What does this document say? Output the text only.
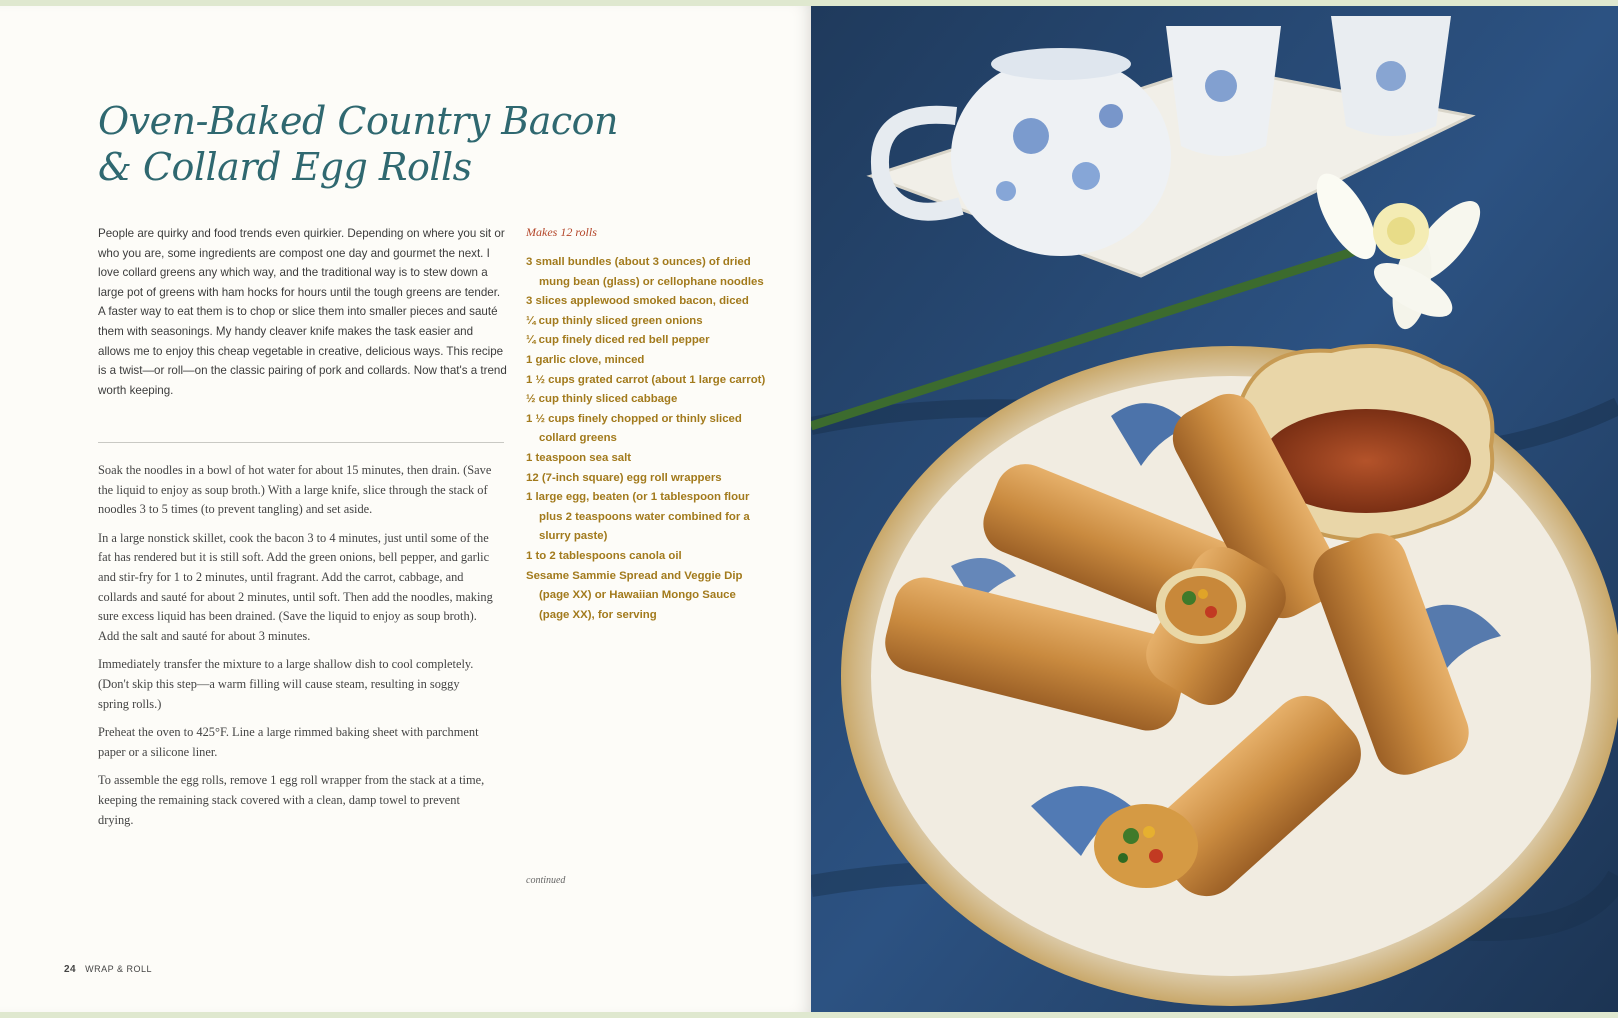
Oven-Baked Country Bacon
& Collard Egg Rolls

People are quirky and food trends even quirkier. Depending on where you sit or who you are, some ingredients are compost one day and gourmet the next. I love collard greens any which way, and the traditional way is to stew down a large pot of greens with ham hocks for hours until the tough greens are tender. A faster way to eat them is to chop or slice them into smaller pieces and sauté them with seasonings. My handy cleaver knife makes the task easier and allows me to enjoy this cheap vegetable in creative, delicious ways. This recipe is a twist—or roll—on the classic pairing of pork and collards. Now that's a trend worth keeping.

Soak the noodles in a bowl of hot water for about 15 minutes, then drain. (Save the liquid to enjoy as soup broth.) With a large knife, slice through the stack of noodles 3 to 5 times (to prevent tangling) and set aside.

In a large nonstick skillet, cook the bacon 3 to 4 minutes, just until some of the fat has rendered but it is still soft. Add the green onions, bell pepper, and garlic and stir-fry for 1 to 2 minutes, until fragrant. Add the carrot, cabbage, and collards and sauté for about 2 minutes, until soft. Then add the noodles, making sure excess liquid has been drained. (Save the liquid to enjoy as soup broth). Add the salt and sauté for about 3 minutes.

Immediately transfer the mixture to a large shallow dish to cool completely. (Don't skip this step—a warm filling will cause steam, resulting in soggy spring rolls.)

Preheat the oven to 425°F. Line a large rimmed baking sheet with parchment paper or a silicone liner.

To assemble the egg rolls, remove 1 egg roll wrapper from the stack at a time, keeping the remaining stack covered with a clean, damp towel to prevent drying.

Makes 12 rolls
3 small bundles (about 3 ounces) of dried mung bean (glass) or cellophane noodles
3 slices applewood smoked bacon, diced
¼ cup thinly sliced green onions
¼ cup finely diced red bell pepper
1 garlic clove, minced
1 ½ cups grated carrot (about 1 large carrot)
½ cup thinly sliced cabbage
1 ½ cups finely chopped or thinly sliced collard greens
1 teaspoon sea salt
12 (7-inch square) egg roll wrappers
1 large egg, beaten (or 1 tablespoon flour plus 2 teaspoons water combined for a slurry paste)
1 to 2 tablespoons canola oil
Sesame Sammie Spread and Veggie Dip (page XX) or Hawaiian Mongo Sauce (page XX), for serving
continued
24 WRAP & ROLL
